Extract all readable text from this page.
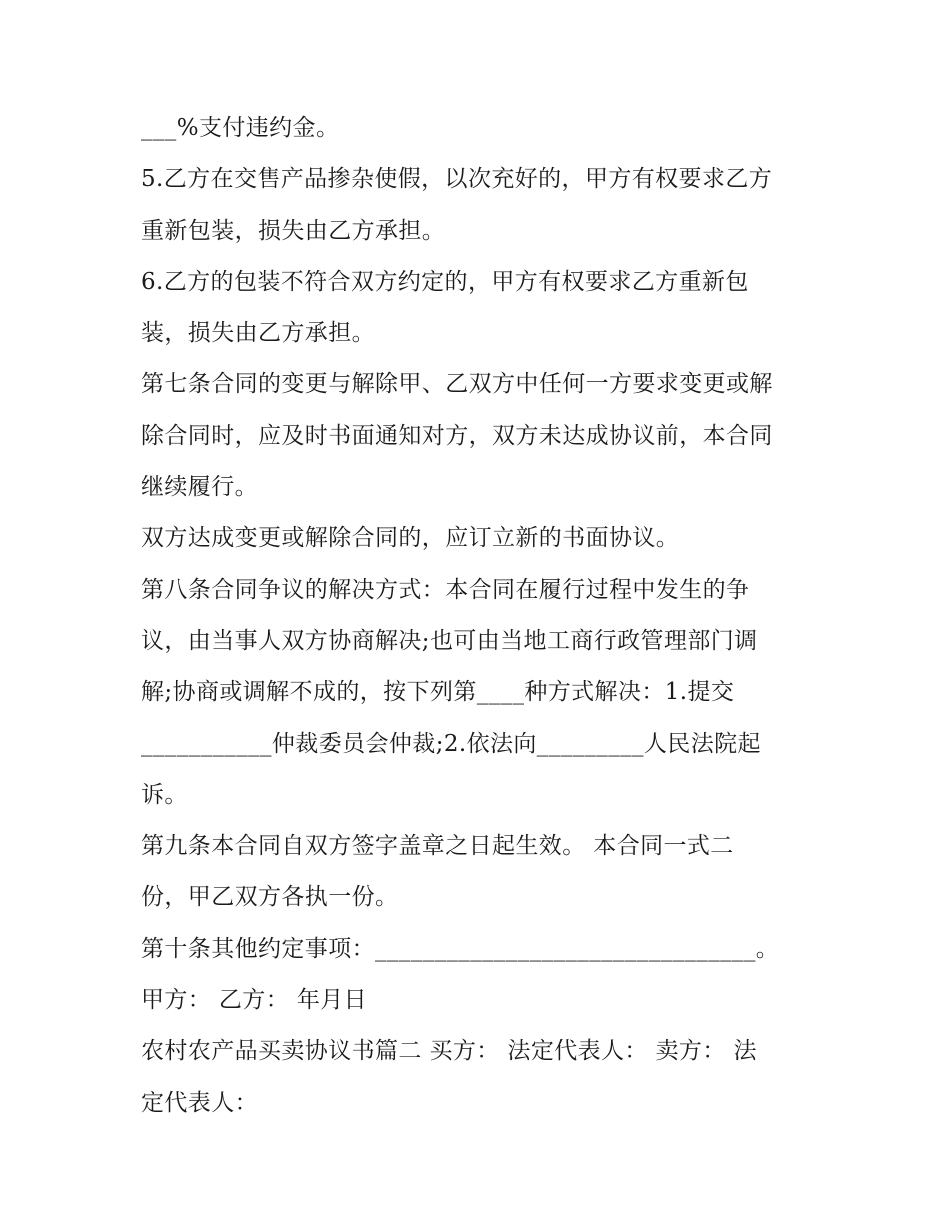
___%支付违约金。
5.乙方在交售产品掺杂使假，以次充好的，甲方有权要求乙方
重新包装，损失由乙方承担。
6.乙方的包装不符合双方约定的，甲方有权要求乙方重新包
装，损失由乙方承担。
第七条合同的变更与解除甲、乙双方中任何一方要求变更或解
除合同时，应及时书面通知对方，双方未达成协议前，本合同
继续履行。
双方达成变更或解除合同的，应订立新的书面协议。
第八条合同争议的解决方式：本合同在履行过程中发生的争
议，由当事人双方协商解决;也可由当地工商行政管理部门调
解;协商或调解不成的，按下列第____种方式解决：1.提交
___________仲裁委员会仲裁;2.依法向_________人民法院起
诉。
第九条本合同自双方签字盖章之日起生效。 本合同一式二
份，甲乙双方各执一份。
第十条其他约定事项：________________________________。
甲方： 乙方： 年月日
农村农产品买卖协议书篇二 买方： 法定代表人： 卖方： 法
定代表人：
